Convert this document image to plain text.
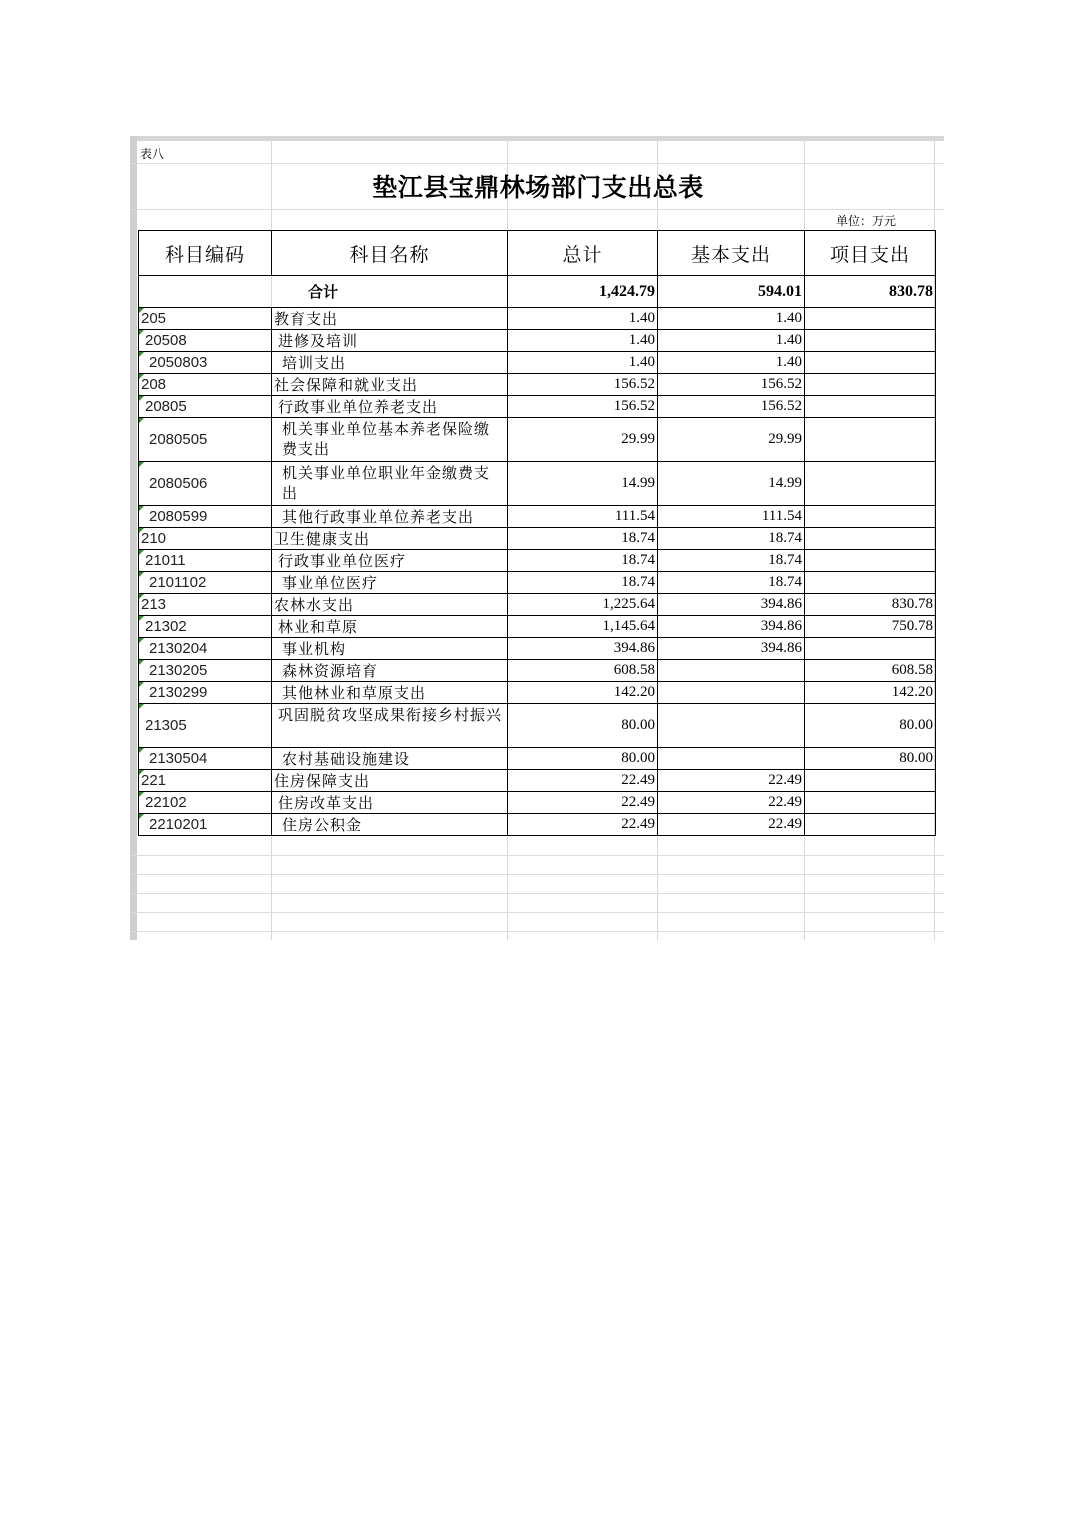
表八
垫江县宝鼎林场部门支出总表
单位：万元
科目编码	科目名称	总计	基本支出	项目支出
合计		1,424.79	594.01	830.78
205	教育支出	1.40	1.40	
20508	进修及培训	1.40	1.40	
2050803	培训支出	1.40	1.40	
208	社会保障和就业支出	156.52	156.52	
20805	行政事业单位养老支出	156.52	156.52	
2080505	机关事业单位基本养老保险缴费支出	29.99	29.99	
2080506	机关事业单位职业年金缴费支出	14.99	14.99	
2080599	其他行政事业单位养老支出	111.54	111.54	
210	卫生健康支出	18.74	18.74	
21011	行政事业单位医疗	18.74	18.74	
2101102	事业单位医疗	18.74	18.74	
213	农林水支出	1,225.64	394.86	830.78
21302	林业和草原	1,145.64	394.86	750.78
2130204	事业机构	394.86	394.86	
2130205	森林资源培育	608.58		608.58
2130299	其他林业和草原支出	142.20		142.20
21305	巩固脱贫攻坚成果衔接乡村振兴	80.00		80.00
2130504	农村基础设施建设	80.00		80.00
221	住房保障支出	22.49	22.49	
22102	住房改革支出	22.49	22.49	
2210201	住房公积金	22.49	22.49	
